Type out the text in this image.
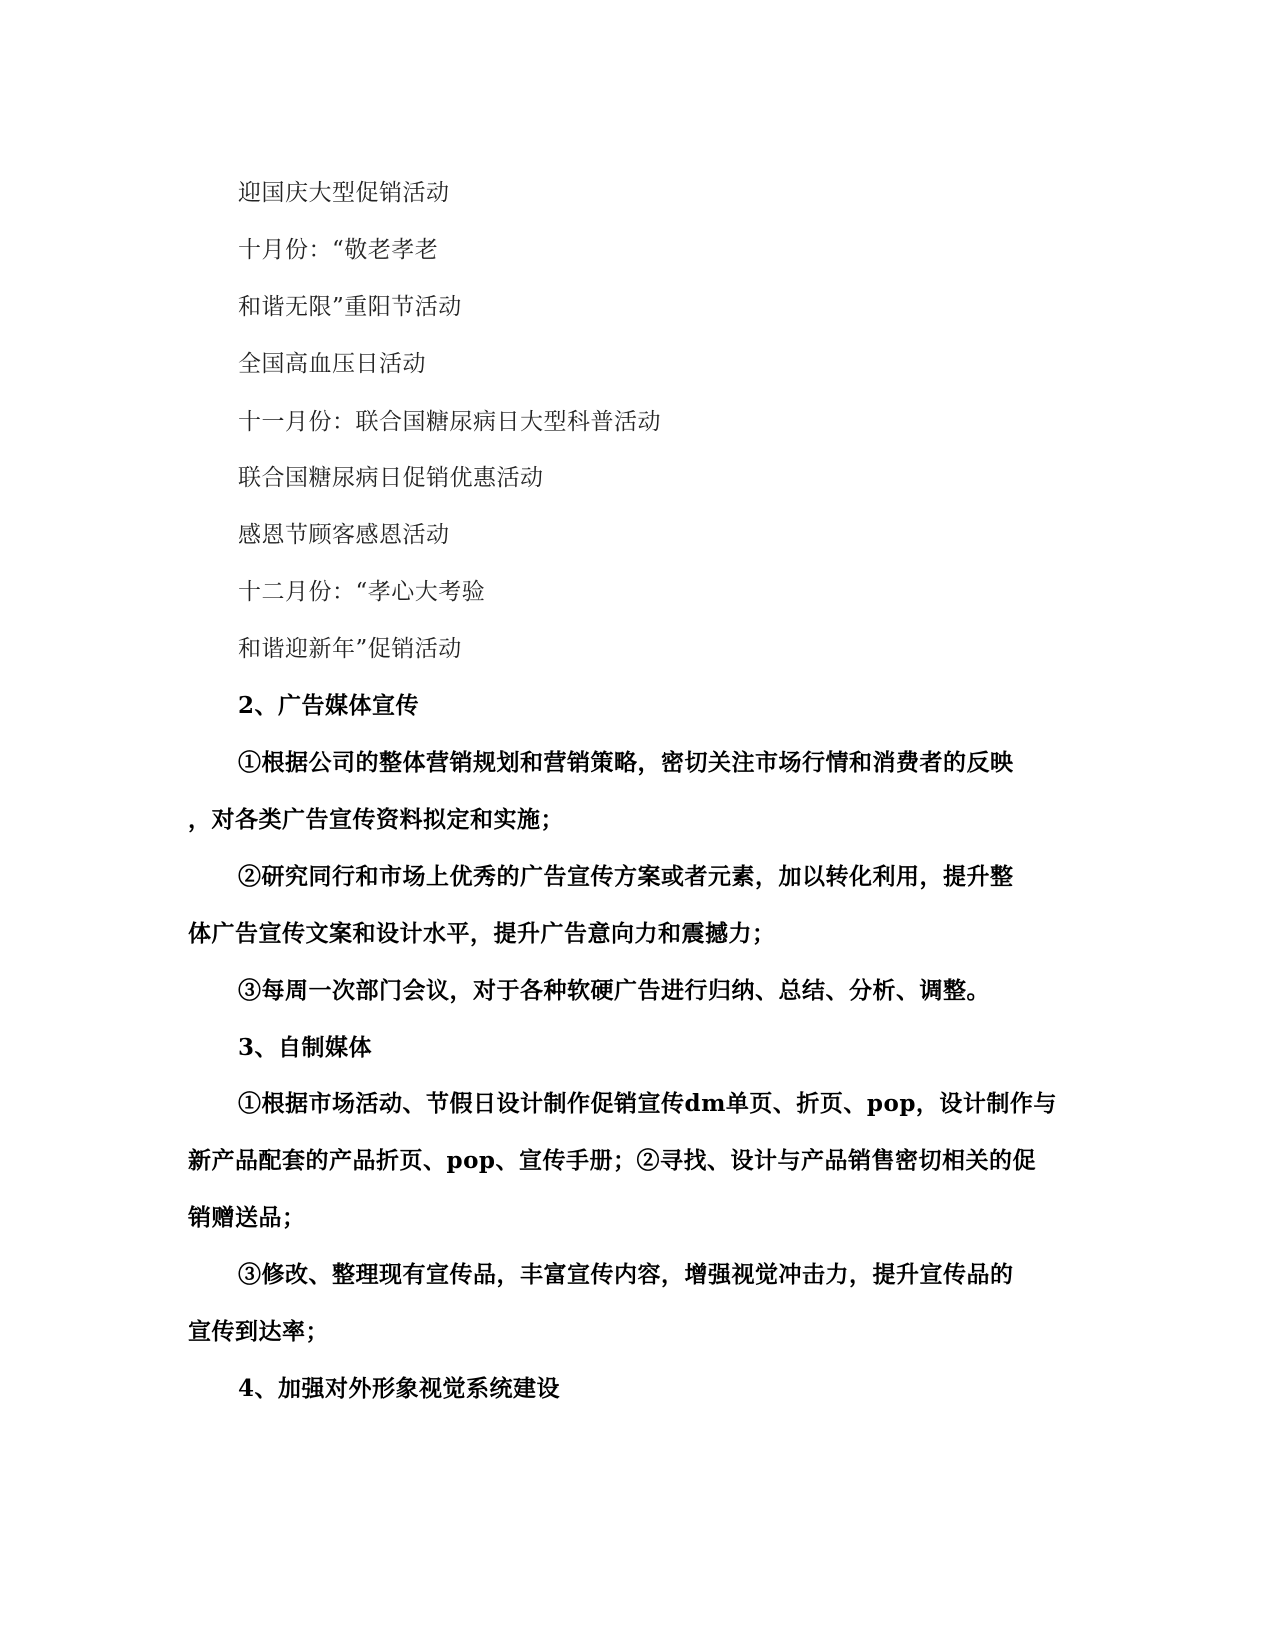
迎国庆大型促销活动
十月份：“敬老孝老
和谐无限”重阳节活动
全国高血压日活动
十一月份：联合国糖尿病日大型科普活动
联合国糖尿病日促销优惠活动
感恩节顾客感恩活动
十二月份：“孝心大考验
和谐迎新年”促销活动
2、广告媒体宣传
①根据公司的整体营销规划和营销策略，密切关注市场行情和消费者的反映
，对各类广告宣传资料拟定和实施；
②研究同行和市场上优秀的广告宣传方案或者元素，加以转化利用，提升整
体广告宣传文案和设计水平，提升广告意向力和震撼力；
③每周一次部门会议，对于各种软硬广告进行归纳、总结、分析、调整。
3、自制媒体
①根据市场活动、节假日设计制作促销宣传dm单页、折页、pop，设计制作与
新产品配套的产品折页、pop、宣传手册；②寻找、设计与产品销售密切相关的促
销赠送品；
③修改、整理现有宣传品，丰富宣传内容，增强视觉冲击力，提升宣传品的
宣传到达率；
4、加强对外形象视觉系统建设
